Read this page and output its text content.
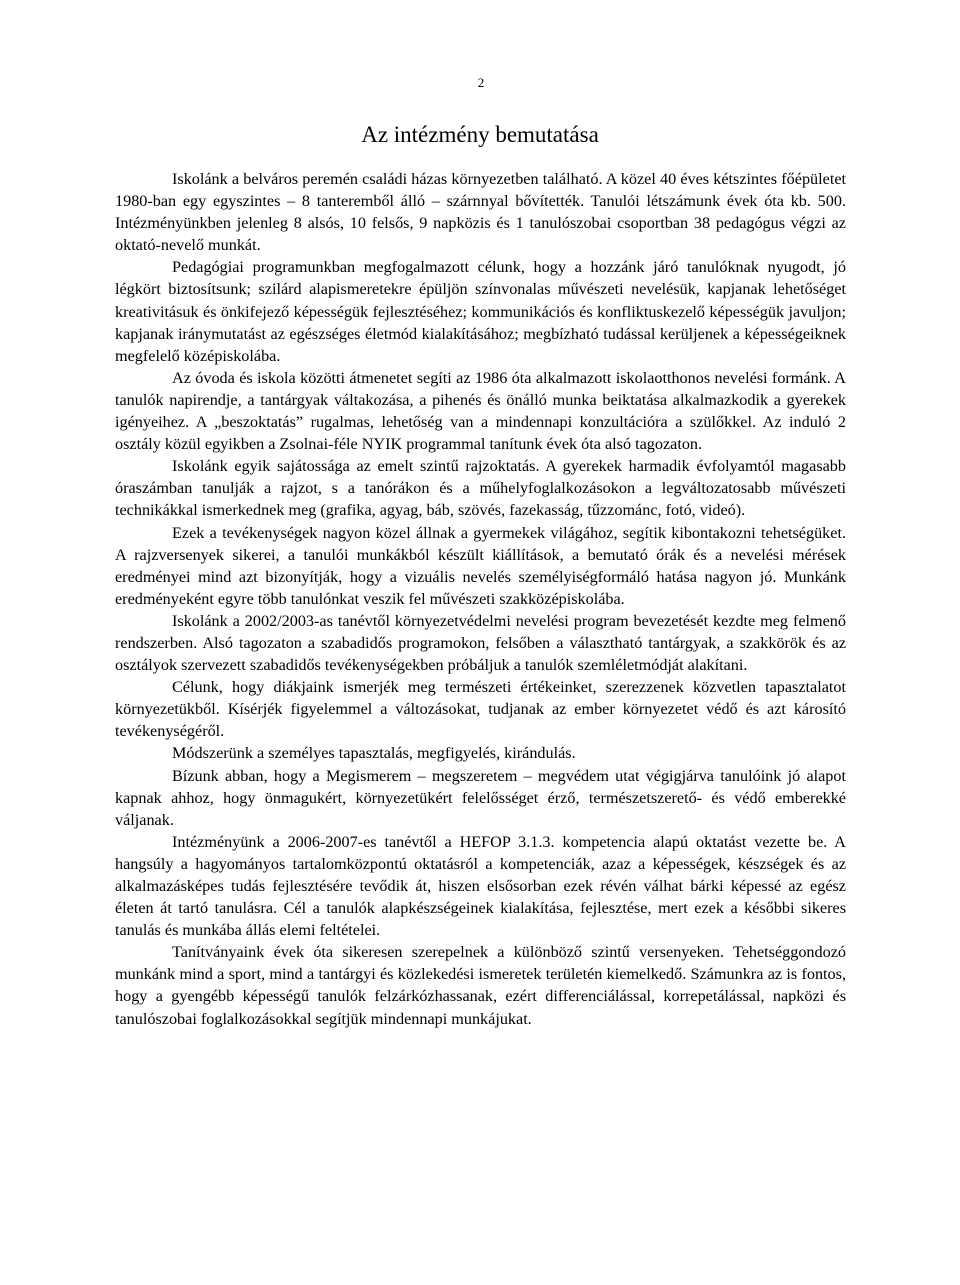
2
Az intézmény bemutatása

Iskolánk a belváros peremén családi házas környezetben található. A közel 40 éves kétszintes főépületet 1980-ban egy egyszintes – 8 tanteremből álló – szárnnyal bővítették. Tanulói létszámunk évek óta kb. 500. Intézményünkben jelenleg 8 alsós, 10 felsős, 9 napközis és 1 tanulószobai csoportban 38 pedagógus végzi az oktató-nevelő munkát.

Pedagógiai programunkban megfogalmazott célunk, hogy a hozzánk járó tanulóknak nyugodt, jó légkört biztosítsunk; szilárd alapismeretekre épüljön színvonalas művészeti nevelésük, kapjanak lehetőséget kreativitásuk és önkifejező képességük fejlesztéséhez; kommunikációs és konfliktuskezelő képességük javuljon; kapjanak iránymutatást az egészséges életmód kialakításához; megbízható tudással kerüljenek a képességeiknek megfelelő középiskolába.

Az óvoda és iskola közötti átmenetet segíti az 1986 óta alkalmazott iskolaotthonos nevelési formánk. A tanulók napirendje, a tantárgyak váltakozása, a pihenés és önálló munka beiktatása alkalmazkodik a gyerekek igényeihez. A „beszoktatás” rugalmas, lehetőség van a mindennapi konzultációra a szülőkkel. Az induló 2 osztály közül egyikben a Zsolnai-féle NYIK programmal tanítunk évek óta alsó tagozaton.

Iskolánk egyik sajátossága az emelt szintű rajzoktatás. A gyerekek harmadik évfolyamtól magasabb óraszámban tanulják a rajzot, s a tanórákon és a műhelyfoglalkozásokon a legváltozatosabb művészeti technikákkal ismerkednek meg (grafika, agyag, báb, szövés, fazekasság, tűzzománc, fotó, videó).

Ezek a tevékenységek nagyon közel állnak a gyermekek világához, segítik kibontakozni tehetségüket. A rajzversenyek sikerei, a tanulói munkákból készült kiállítások, a bemutató órák és a nevelési mérések eredményei mind azt bizonyítják, hogy a vizuális nevelés személyiségformáló hatása nagyon jó. Munkánk eredményeként egyre több tanulónkat veszik fel művészeti szakközépiskolába.

Iskolánk a 2002/2003-as tanévtől környezetvédelmi nevelési program bevezetését kezdte meg felmenő rendszerben. Alsó tagozaton a szabadidős programokon, felsőben a választható tantárgyak, a szakkörök és az osztályok szervezett szabadidős tevékenységekben próbáljuk a tanulók szemléletmódját alakítani.

Célunk, hogy diákjaink ismerjék meg természeti értékeinket, szerezzenek közvetlen tapasztalatot környezetükből. Kísérjék figyelemmel a változásokat, tudjanak az ember környezetet védő és azt károsító tevékenységéről.

Módszerünk a személyes tapasztalás, megfigyelés, kirándulás.

Bízunk abban, hogy a Megismerem – megszeretem – megvédem utat végigjárva tanulóink jó alapot kapnak ahhoz, hogy önmagukért, környezetükért felelősséget érző, természetszerető- és védő emberekké váljanak.

Intézményünk a 2006-2007-es tanévtől a HEFOP 3.1.3. kompetencia alapú oktatást vezette be. A hangsúly a hagyományos tartalomközpontú oktatásról a kompetenciák, azaz a képességek, készségek és az alkalmazásképes tudás fejlesztésére tevődik át, hiszen elsősorban ezek révén válhat bárki képessé az egész életen át tartó tanulásra. Cél a tanulók alapkészségeinek kialakítása, fejlesztése, mert ezek a későbbi sikeres tanulás és munkába állás elemi feltételei.

Tanítványaink évek óta sikeresen szerepelnek a különböző szintű versenyeken. Tehetséggondozó munkánk mind a sport, mind a tantárgyi és közlekedési ismeretek területén kiemelkedő. Számunkra az is fontos, hogy a gyengébb képességű tanulók felzárkózhassanak, ezért differenciálással, korrepetálással, napközi és tanulószobai foglalkozásokkal segítjük mindennapi munkájukat.
